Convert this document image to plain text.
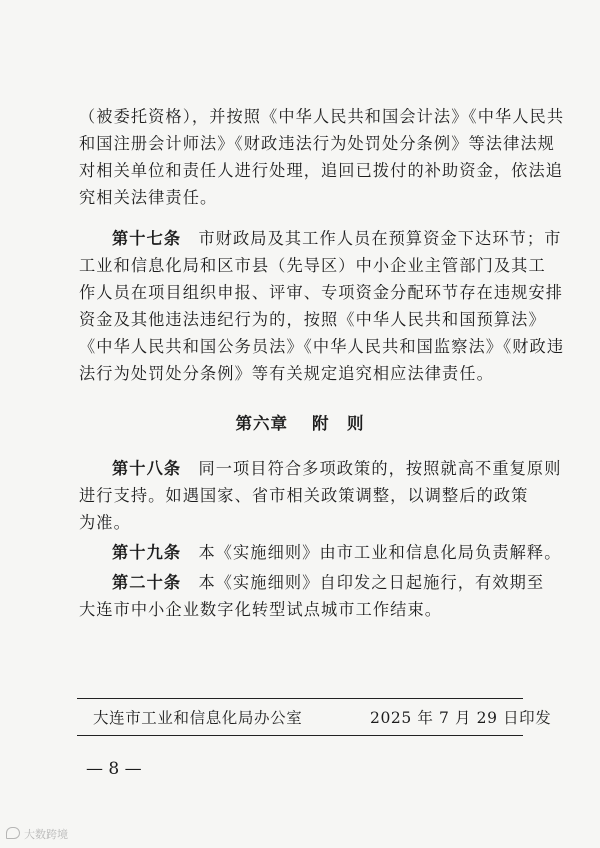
（被委托资格），并按照《中华人民共和国会计法》《中华人民共
和国注册会计师法》《财政违法行为处罚处分条例》等法律法规
对相关单位和责任人进行处理，追回已拨付的补助资金，依法追
究相关法律责任。
第十七条　市财政局及其工作人员在预算资金下达环节；市
工业和信息化局和区市县（先导区）中小企业主管部门及其工
作人员在项目组织申报、评审、专项资金分配环节存在违规安排
资金及其他违法违纪行为的，按照《中华人民共和国预算法》
《中华人民共和国公务员法》《中华人民共和国监察法》《财政违
法行为处罚处分条例》等有关规定追究相应法律责任。
第六章 附　则
第十八条　同一项目符合多项政策的，按照就高不重复原则
进行支持。如遇国家、省市相关政策调整，以调整后的政策
为准。
第十九条　本《实施细则》由市工业和信息化局负责解释。
第二十条　本《实施细则》自印发之日起施行，有效期至
大连市中小企业数字化转型试点城市工作结束。
大连市工业和信息化局办公室	2025 年 7 月 29 日印发
— 8 —
大数跨境
